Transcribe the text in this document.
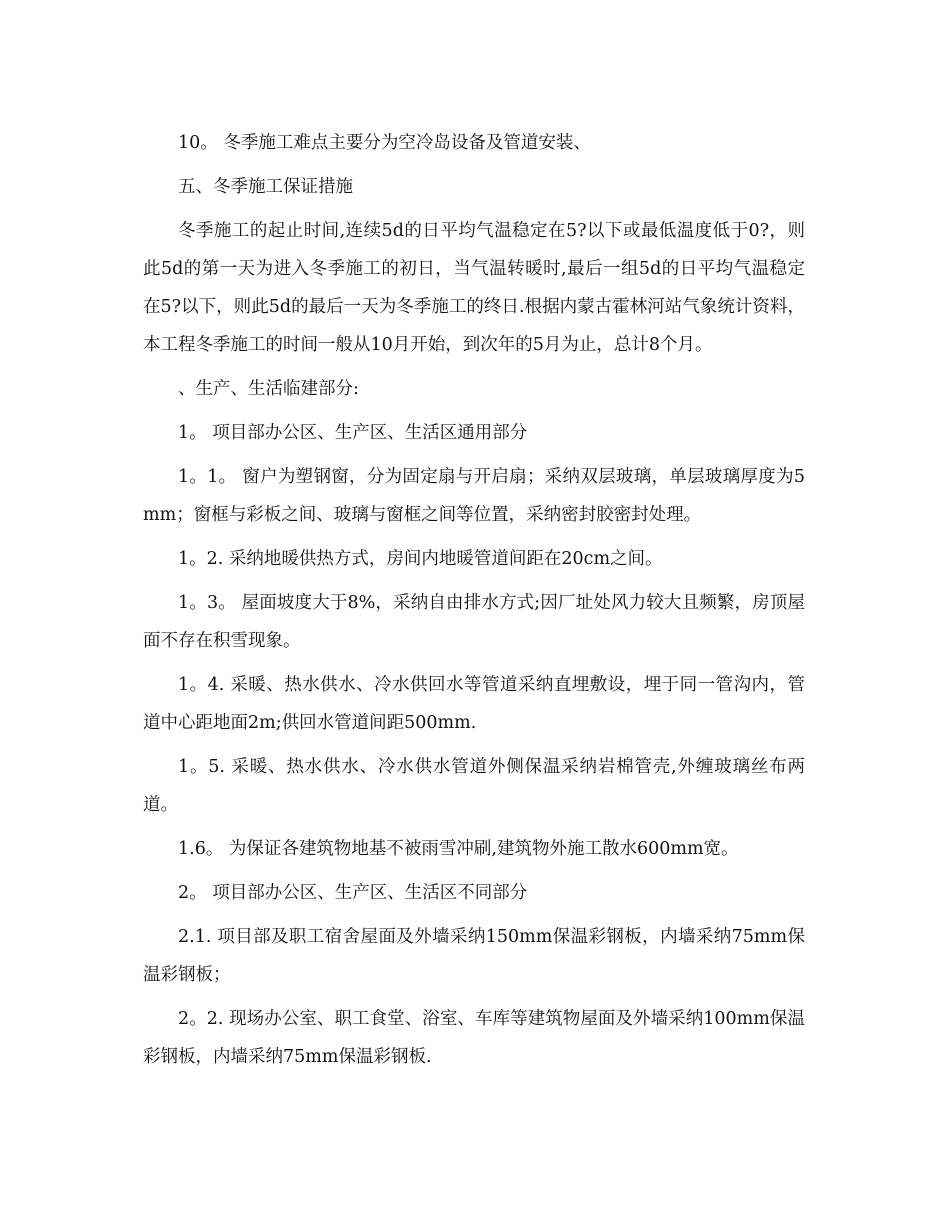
10。 冬季施工难点主要分为空冷岛设备及管道安装、

五、冬季施工保证措施

冬季施工的起止时间,连续5d的日平均气温稳定在5?以下或最低温度低于0?，则此5d的第一天为进入冬季施工的初日，当气温转暖时,最后一组5d的日平均气温稳定在5?以下，则此5d的最后一天为冬季施工的终日.根据内蒙古霍林河站气象统计资料，本工程冬季施工的时间一般从10月开始，到次年的5月为止，总计8个月。

、生产、生活临建部分:

1。 项目部办公区、生产区、生活区通用部分

1。1。 窗户为塑钢窗，分为固定扇与开启扇；采纳双层玻璃，单层玻璃厚度为5mm；窗框与彩板之间、玻璃与窗框之间等位置，采纳密封胶密封处理。

1。2. 采纳地暖供热方式，房间内地暖管道间距在20cm之间。

1。3。 屋面坡度大于8%，采纳自由排水方式;因厂址处风力较大且频繁，房顶屋面不存在积雪现象。

1。4. 采暖、热水供水、冷水供回水等管道采纳直埋敷设，埋于同一管沟内，管道中心距地面2m;供回水管道间距500mm.

1。5. 采暖、热水供水、冷水供水管道外侧保温采纳岩棉管壳,外缠玻璃丝布两道。

1.6。 为保证各建筑物地基不被雨雪冲刷,建筑物外施工散水600mm宽。

2。 项目部办公区、生产区、生活区不同部分

2.1. 项目部及职工宿舍屋面及外墙采纳150mm保温彩钢板，内墙采纳75mm保温彩钢板；

2。2. 现场办公室、职工食堂、浴室、车库等建筑物屋面及外墙采纳100mm保温彩钢板，内墙采纳75mm保温彩钢板.
